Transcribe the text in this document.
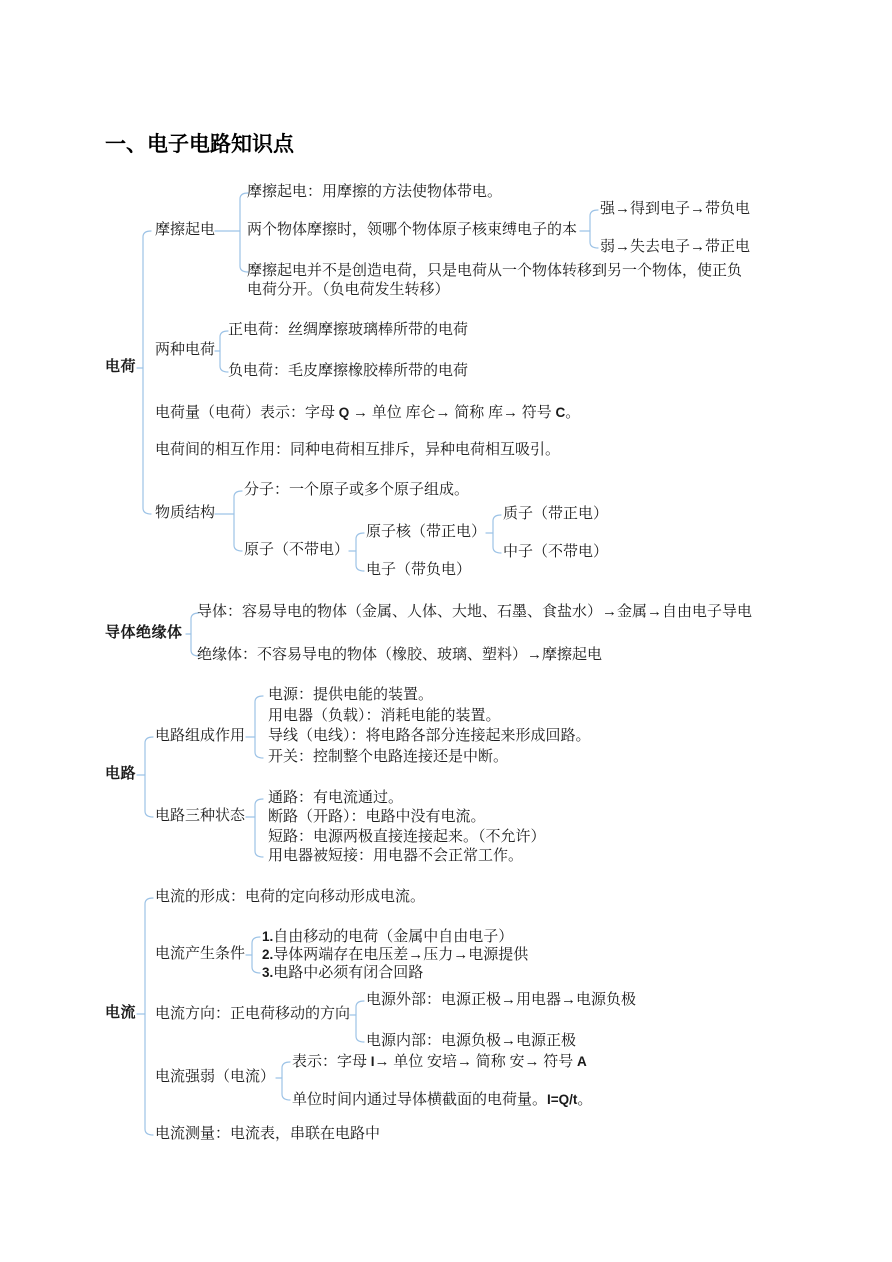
一、电子电路知识点
电荷
摩擦起电
摩擦起电：用摩擦的方法使物体带电。
两个物体摩擦时，领哪个物体原子核束缚电子的本
强→得到电子→带负电
弱→失去电子→带正电
摩擦起电并不是创造电荷，只是电荷从一个物体转移到另一个物体，使正负
电荷分开。（负电荷发生转移）
两种电荷
正电荷：丝绸摩擦玻璃棒所带的电荷
负电荷：毛皮摩擦橡胶棒所带的电荷
电荷量（电荷）表示：字母 Q → 单位 库仑→ 简称 库→ 符号 C。
电荷间的相互作用：同种电荷相互排斥，异种电荷相互吸引。
物质结构
分子：一个原子或多个原子组成。
原子（不带电）
原子核（带正电）
电子（带负电）
质子（带正电）
中子（不带电）
导体绝缘体
导体：容易导电的物体（金属、人体、大地、石墨、食盐水）→金属→自由电子导电
绝缘体：不容易导电的物体（橡胶、玻璃、塑料）→摩擦起电
电路
电路组成作用
电源：提供电能的装置。
用电器（负载）：消耗电能的装置。
导线（电线）：将电路各部分连接起来形成回路。
开关：控制整个电路连接还是中断。
电路三种状态
通路：有电流通过。
断路（开路）：电路中没有电流。
短路：电源两极直接连接起来。（不允许）
用电器被短接：用电器不会正常工作。
电流
电流的形成：电荷的定向移动形成电流。
电流产生条件
1.自由移动的电荷（金属中自由电子）
2.导体两端存在电压差→压力→电源提供
3.电路中必须有闭合回路
电流方向：正电荷移动的方向
电源外部：电源正极→用电器→电源负极
电源内部：电源负极→电源正极
电流强弱（电流）
表示：字母 I→ 单位 安培→ 简称 安→ 符号 A
单位时间内通过导体横截面的电荷量。I=Q/t。
电流测量：电流表，串联在电路中
